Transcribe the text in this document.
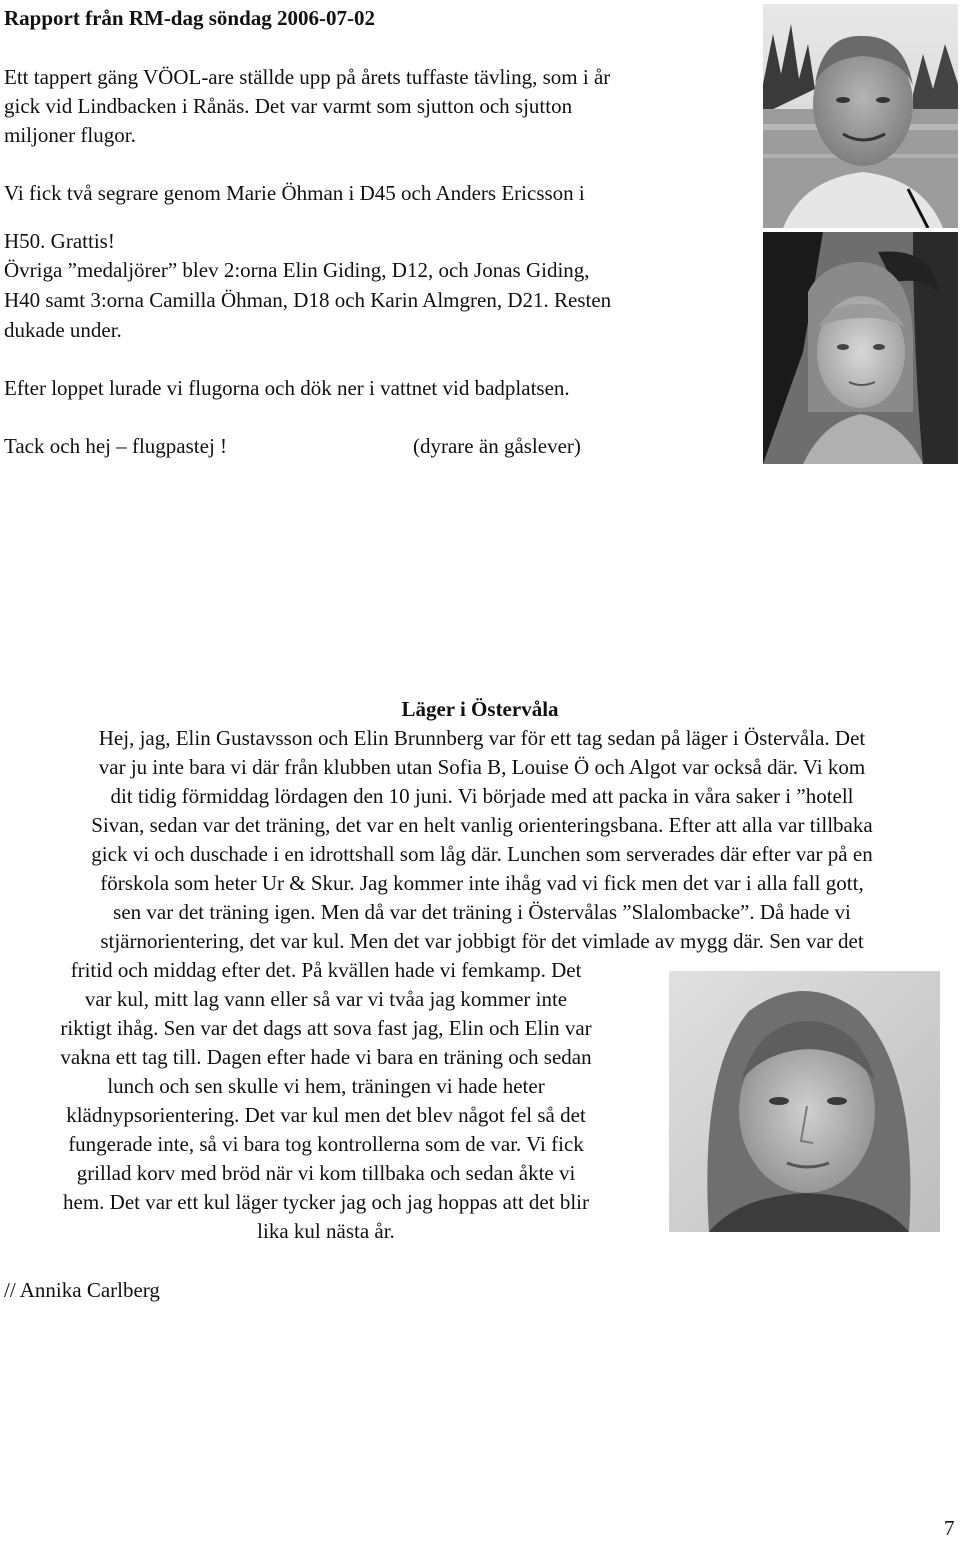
Rapport från RM-dag söndag 2006-07-02
Ett tappert gäng VÖOL-are ställde upp på årets tuffaste tävling, som i år
gick vid Lindbacken i Rånäs. Det var varmt som sjutton och sjutton
miljoner flugor.
Vi fick två segrare genom Marie Öhman i D45 och Anders Ericsson i
H50. Grattis!
Övriga ”medaljörer” blev 2:orna Elin Giding, D12, och Jonas Giding,
H40 samt 3:orna Camilla Öhman, D18 och Karin Almgren, D21. Resten
dukade under.
Efter loppet lurade vi flugorna och dök ner i vattnet vid badplatsen.
Tack och hej – flugpastej !	(dyrare än gåslever)
Läger i Östervåla
Hej, jag, Elin Gustavsson och Elin Brunnberg var för ett tag sedan på läger i Östervåla. Det
var ju inte bara vi där från klubben utan Sofia B, Louise Ö och Algot var också där. Vi kom
dit tidig förmiddag lördagen den 10 juni. Vi började med att packa in våra saker i ”hotell
Sivan, sedan var det träning, det var en helt vanlig orienteringsbana. Efter att alla var tillbaka
gick vi och duschade i en idrottshall som låg där. Lunchen som serverades där efter var på en
förskola som heter Ur & Skur. Jag kommer inte ihåg vad vi fick men det var i alla fall gott,
sen var det träning igen. Men då var det träning i Östervålas ”Slalombacke”. Då hade vi
stjärnorientering, det var kul. Men det var jobbigt för det vimlade av mygg där. Sen var det
fritid och middag efter det. På kvällen hade vi femkamp. Det
var kul, mitt lag vann eller så var vi tvåa jag kommer inte
riktigt ihåg. Sen var det dags att sova fast jag, Elin och Elin var
vakna ett tag till. Dagen efter hade vi bara en träning och sedan
lunch och sen skulle vi hem, träningen vi hade heter
klädnypsorientering. Det var kul men det blev något fel så det
fungerade inte, så vi bara tog kontrollerna som de var. Vi fick
grillad korv med bröd när vi kom tillbaka och sedan åkte vi
hem. Det var ett kul läger tycker jag och jag hoppas att det blir
lika kul nästa år.
// Annika Carlberg
7
